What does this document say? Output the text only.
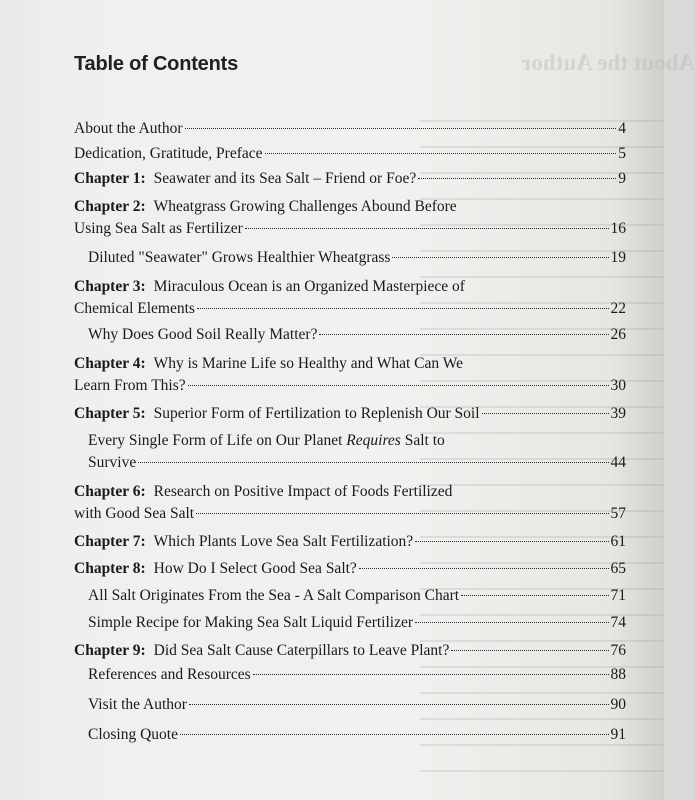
About the Author
Table of Contents
About the Author	4
Dedication, Gratitude, Preface	5
Chapter 1: Seawater and its Sea Salt – Friend or Foe?	9
Chapter 2: Wheatgrass Growing Challenges Abound Before
Using Sea Salt as Fertilizer	16
Diluted "Seawater" Grows Healthier Wheatgrass	19
Chapter 3: Miraculous Ocean is an Organized Masterpiece of
Chemical Elements	22
Why Does Good Soil Really Matter?	26
Chapter 4: Why is Marine Life so Healthy and What Can We
Learn From This?	30
Chapter 5: Superior Form of Fertilization to Replenish Our Soil	39
Every Single Form of Life on Our Planet
Requires
Salt to
Survive	44
Chapter 6: Research on Positive Impact of Foods Fertilized
with Good Sea Salt	57
Chapter 7: Which Plants Love Sea Salt Fertilization?	61
Chapter 8: How Do I Select Good Sea Salt?	65
All Salt Originates From the Sea - A Salt Comparison Chart	71
Simple Recipe for Making Sea Salt Liquid Fertilizer	74
Chapter 9: Did Sea Salt Cause Caterpillars to Leave Plant?	76
References and Resources	88
Visit the Author	90
Closing Quote	91
